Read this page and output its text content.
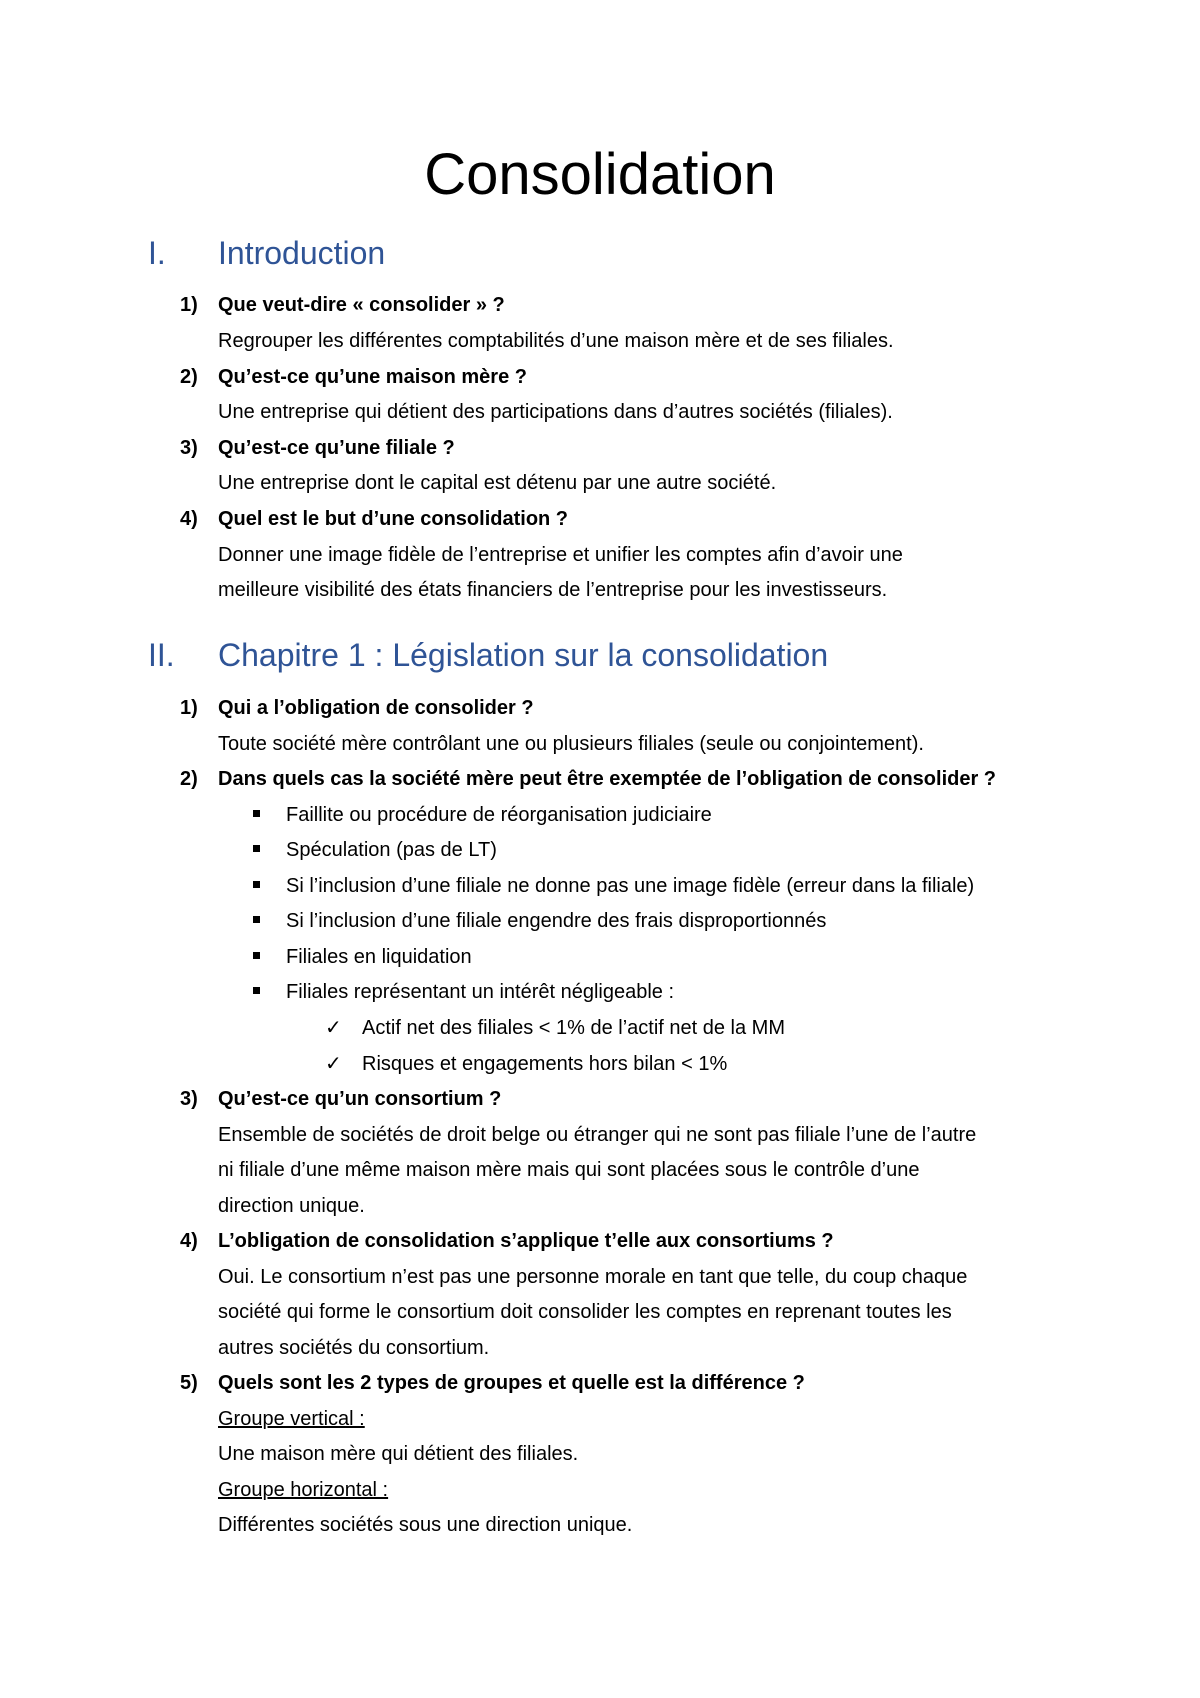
Consolidation
I. Introduction
1) Que veut-dire « consolider » ?
Regrouper les différentes comptabilités d’une maison mère et de ses filiales.
2) Qu’est-ce qu’une maison mère ?
Une entreprise qui détient des participations dans d’autres sociétés (filiales).
3) Qu’est-ce qu’une filiale ?
Une entreprise dont le capital est détenu par une autre société.
4) Quel est le but d’une consolidation ?
Donner une image fidèle de l’entreprise et unifier les comptes afin d’avoir une
meilleure visibilité des états financiers de l’entreprise pour les investisseurs.
II. Chapitre 1 : Législation sur la consolidation
1) Qui a l’obligation de consolider ?
Toute société mère contrôlant une ou plusieurs filiales (seule ou conjointement).
2) Dans quels cas la société mère peut être exemptée de l’obligation de consolider ?
Faillite ou procédure de réorganisation judiciaire
Spéculation (pas de LT)
Si l’inclusion d’une filiale ne donne pas une image fidèle (erreur dans la filiale)
Si l’inclusion d’une filiale engendre des frais disproportionnés
Filiales en liquidation
Filiales représentant un intérêt négligeable :
✓ Actif net des filiales < 1% de l’actif net de la MM
✓ Risques et engagements hors bilan < 1%
3) Qu’est-ce qu’un consortium ?
Ensemble de sociétés de droit belge ou étranger qui ne sont pas filiale l’une de l’autre
ni filiale d’une même maison mère mais qui sont placées sous le contrôle d’une
direction unique.
4) L’obligation de consolidation s’applique t’elle aux consortiums ?
Oui. Le consortium n’est pas une personne morale en tant que telle, du coup chaque
société qui forme le consortium doit consolider les comptes en reprenant toutes les
autres sociétés du consortium.
5) Quels sont les 2 types de groupes et quelle est la différence ?
Groupe vertical :
Une maison mère qui détient des filiales.
Groupe horizontal :
Différentes sociétés sous une direction unique.
